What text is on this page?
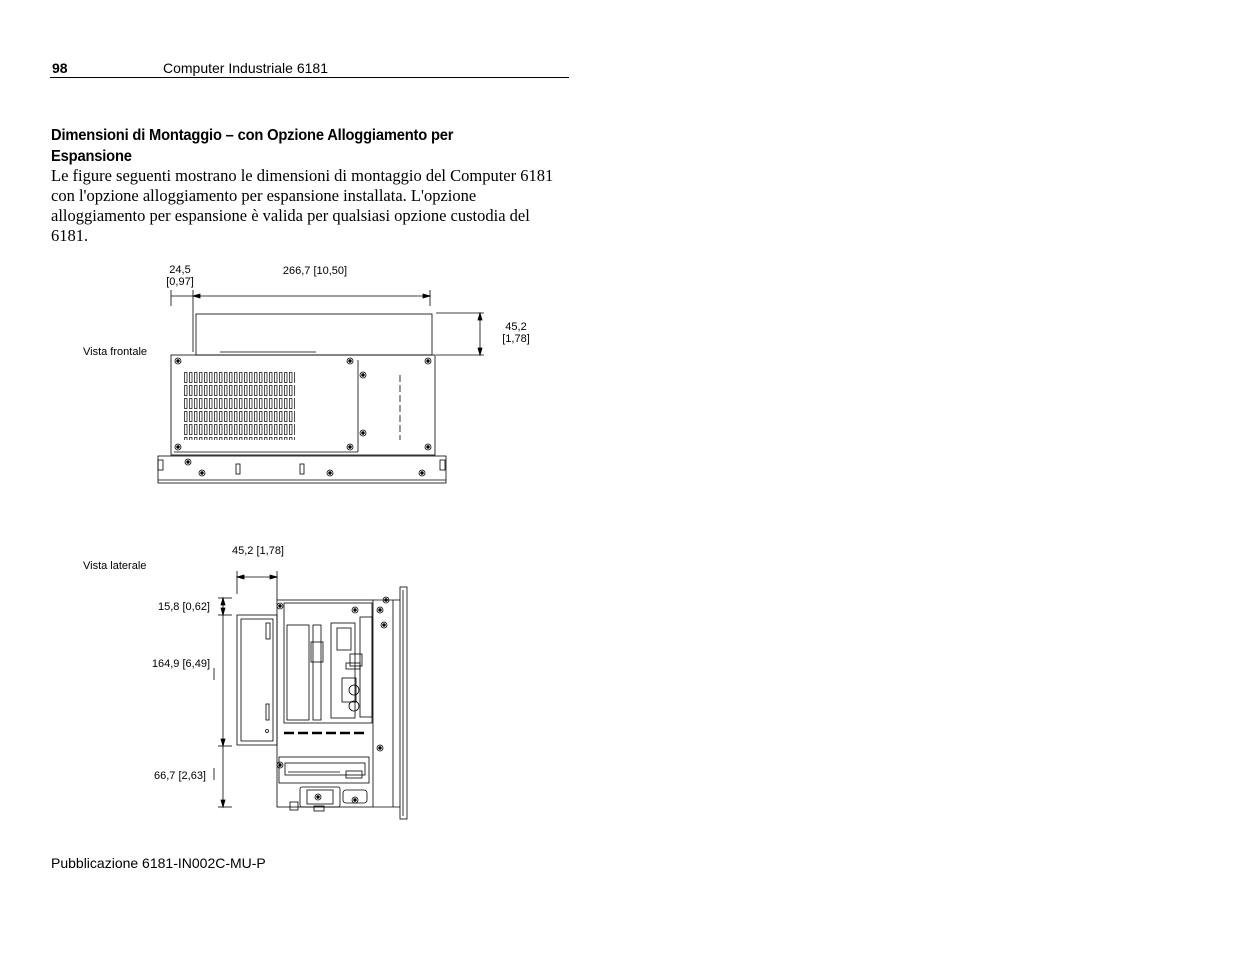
98	Computer Industriale 6181
Dimensioni di Montaggio – con Opzione Alloggiamento per Espansione
Le figure seguenti mostrano le dimensioni di montaggio del Computer 6181 con l'opzione alloggiamento per espansione installata. L'opzione alloggiamento per espansione è valida per qualsiasi opzione custodia del 6181.
Vista frontale
24,5
[0,97]
266,7 [10,50]
45,2
[1,78]
Vista laterale
45,2 [1,78]
15,8 [0,62]
164,9 [6,49]
66,7 [2,63]
Pubblicazione 6181-IN002C-MU-P
